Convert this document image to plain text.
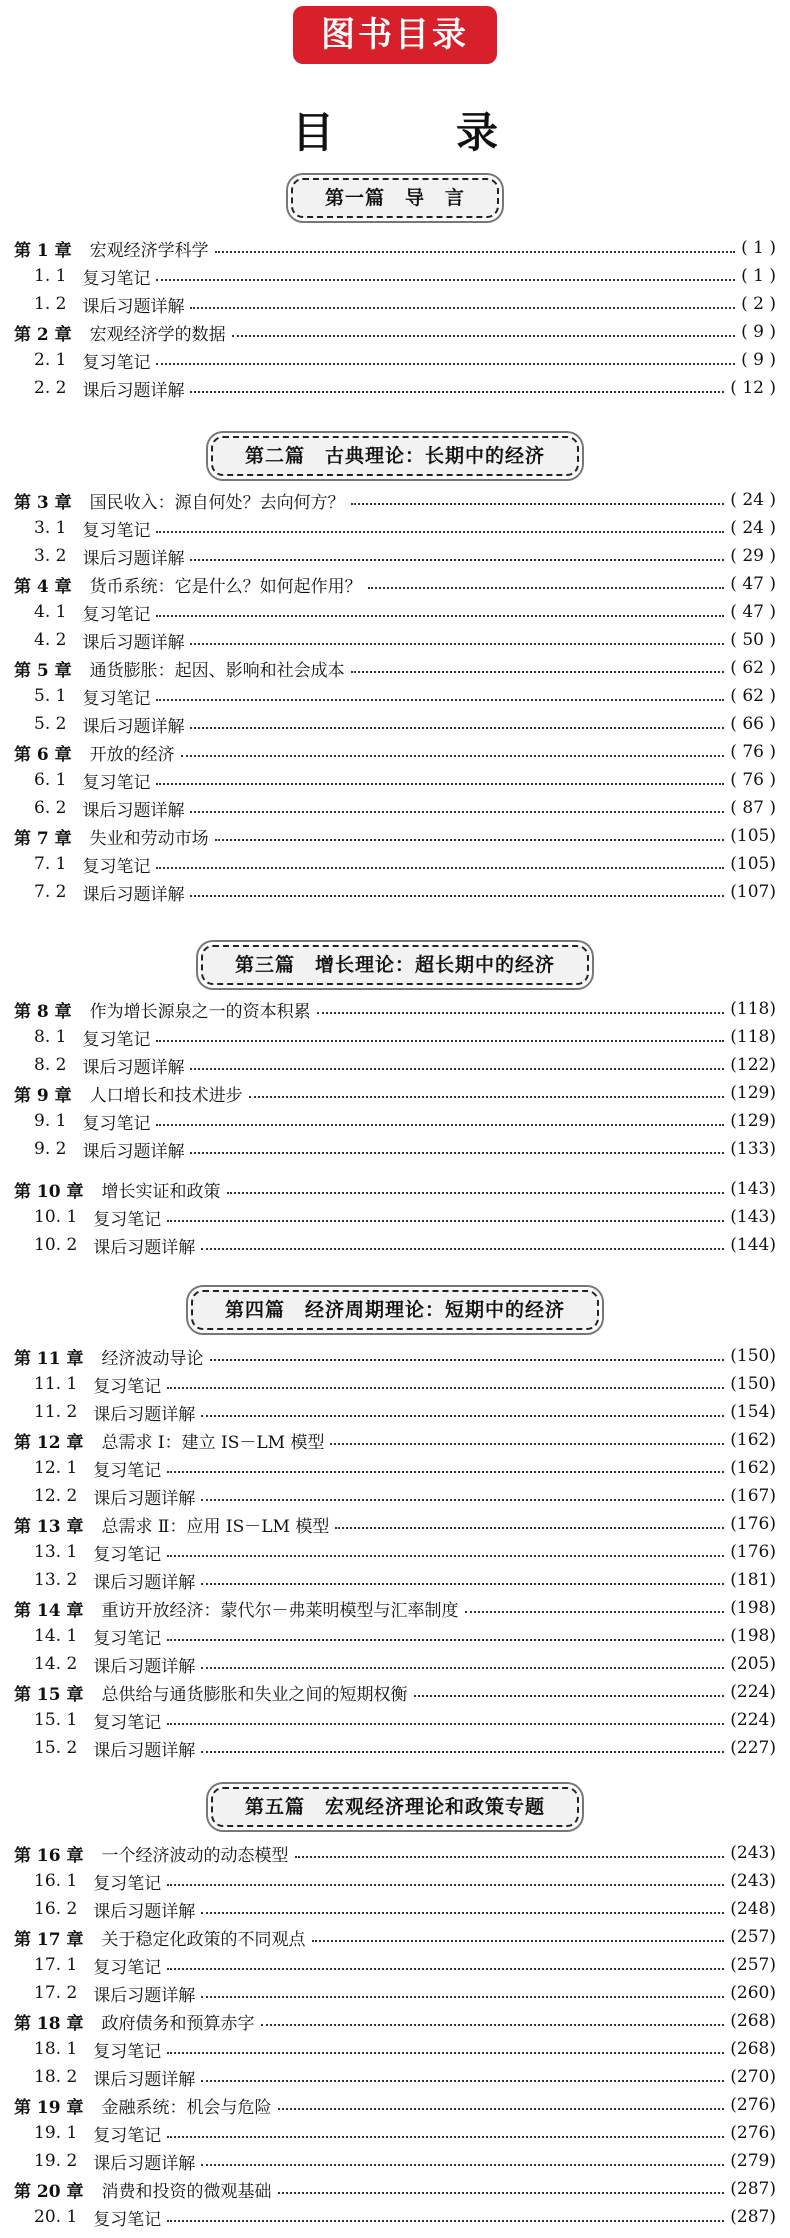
图书目录
目　录
第一篇　导　言
第二篇　古典理论：长期中的经济
第三篇　增长理论：超长期中的经济
第四篇　经济周期理论：短期中的经济
第五篇　宏观经济理论和政策专题
第 1 章 宏观经济学科学	( 1 )
1. 1 复习笔记	( 1 )
1. 2 课后习题详解	( 2 )
第 2 章 宏观经济学的数据	( 9 )
2. 1 复习笔记	( 9 )
2. 2 课后习题详解	( 12 )
第 3 章 国民收入：源自何处？去向何方？	( 24 )
3. 1 复习笔记	( 24 )
3. 2 课后习题详解	( 29 )
第 4 章 货币系统：它是什么？如何起作用？	( 47 )
4. 1 复习笔记	( 47 )
4. 2 课后习题详解	( 50 )
第 5 章 通货膨胀：起因、影响和社会成本	( 62 )
5. 1 复习笔记	( 62 )
5. 2 课后习题详解	( 66 )
第 6 章 开放的经济	( 76 )
6. 1 复习笔记	( 76 )
6. 2 课后习题详解	( 87 )
第 7 章 失业和劳动市场	(105)
7. 1 复习笔记	(105)
7. 2 课后习题详解	(107)
第 8 章 作为增长源泉之一的资本积累	(118)
8. 1 复习笔记	(118)
8. 2 课后习题详解	(122)
第 9 章 人口增长和技术进步	(129)
9. 1 复习笔记	(129)
9. 2 课后习题详解	(133)
第 10 章 增长实证和政策	(143)
10. 1 复习笔记	(143)
10. 2 课后习题详解	(144)
第 11 章 经济波动导论	(150)
11. 1 复习笔记	(150)
11. 2 课后习题详解	(154)
第 12 章 总需求 Ⅰ：建立 IS－LM 模型	(162)
12. 1 复习笔记	(162)
12. 2 课后习题详解	(167)
第 13 章 总需求 Ⅱ：应用 IS－LM 模型	(176)
13. 1 复习笔记	(176)
13. 2 课后习题详解	(181)
第 14 章 重访开放经济：蒙代尔－弗莱明模型与汇率制度	(198)
14. 1 复习笔记	(198)
14. 2 课后习题详解	(205)
第 15 章 总供给与通货膨胀和失业之间的短期权衡	(224)
15. 1 复习笔记	(224)
15. 2 课后习题详解	(227)
第 16 章 一个经济波动的动态模型	(243)
16. 1 复习笔记	(243)
16. 2 课后习题详解	(248)
第 17 章 关于稳定化政策的不同观点	(257)
17. 1 复习笔记	(257)
17. 2 课后习题详解	(260)
第 18 章 政府债务和预算赤字	(268)
18. 1 复习笔记	(268)
18. 2 课后习题详解	(270)
第 19 章 金融系统：机会与危险	(276)
19. 1 复习笔记	(276)
19. 2 课后习题详解	(279)
第 20 章 消费和投资的微观基础	(287)
20. 1 复习笔记	(287)
